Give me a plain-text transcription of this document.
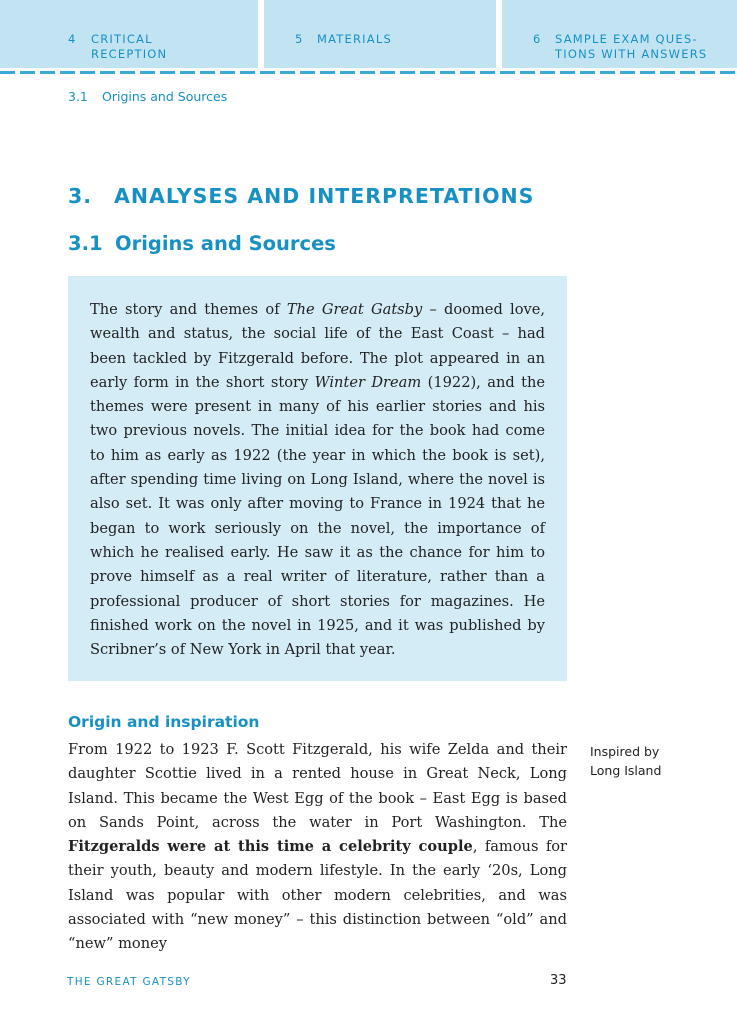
4 CRITICAL
RECEPTION
5 MATERIALS	6 SAMPLE EXAM QUES-
TIONS WITH ANSWERS
3.1 Origins and Sources
3. ANALYSES AND INTERPRETATIONS
3.1 Origins and Sources

The story and themes of The Great Gatsby – doomed love, wealth and status, the social life of the East Coast – had been tackled by Fitzgerald before. The plot appeared in an early form in the short story Winter Dream (1922), and the themes were present in many of his earlier stories and his two previous novels. The initial idea for the book had come to him as early as 1922 (the year in which the book is set), after spending time living on Long Island, where the novel is also set. It was only after moving to France in 1924 that he began to work seriously on the novel, the importance of which he realised early. He saw it as the chance for him to prove himself as a real writer of literature, rather than a professional producer of short stories for magazines. He finished work on the novel in 1925, and it was published by Scribner’s of New York in April that year.

Origin and inspiration

From 1922 to 1923 F. Scott Fitzgerald, his wife Zelda and their daughter Scottie lived in a rented house in Great Neck, Long Island. This became the West Egg of the book – East Egg is based on Sands Point, across the water in Port Washington. The Fitzgeralds were at this time a celebrity couple, famous for their youth, beauty and modern lifestyle. In the early ‘20s, Long Island was popular with other modern celebrities, and was associated with “new money” – this distinction between “old” and “new” money

Inspired by
Long Island
THE GREAT GATSBY	33
